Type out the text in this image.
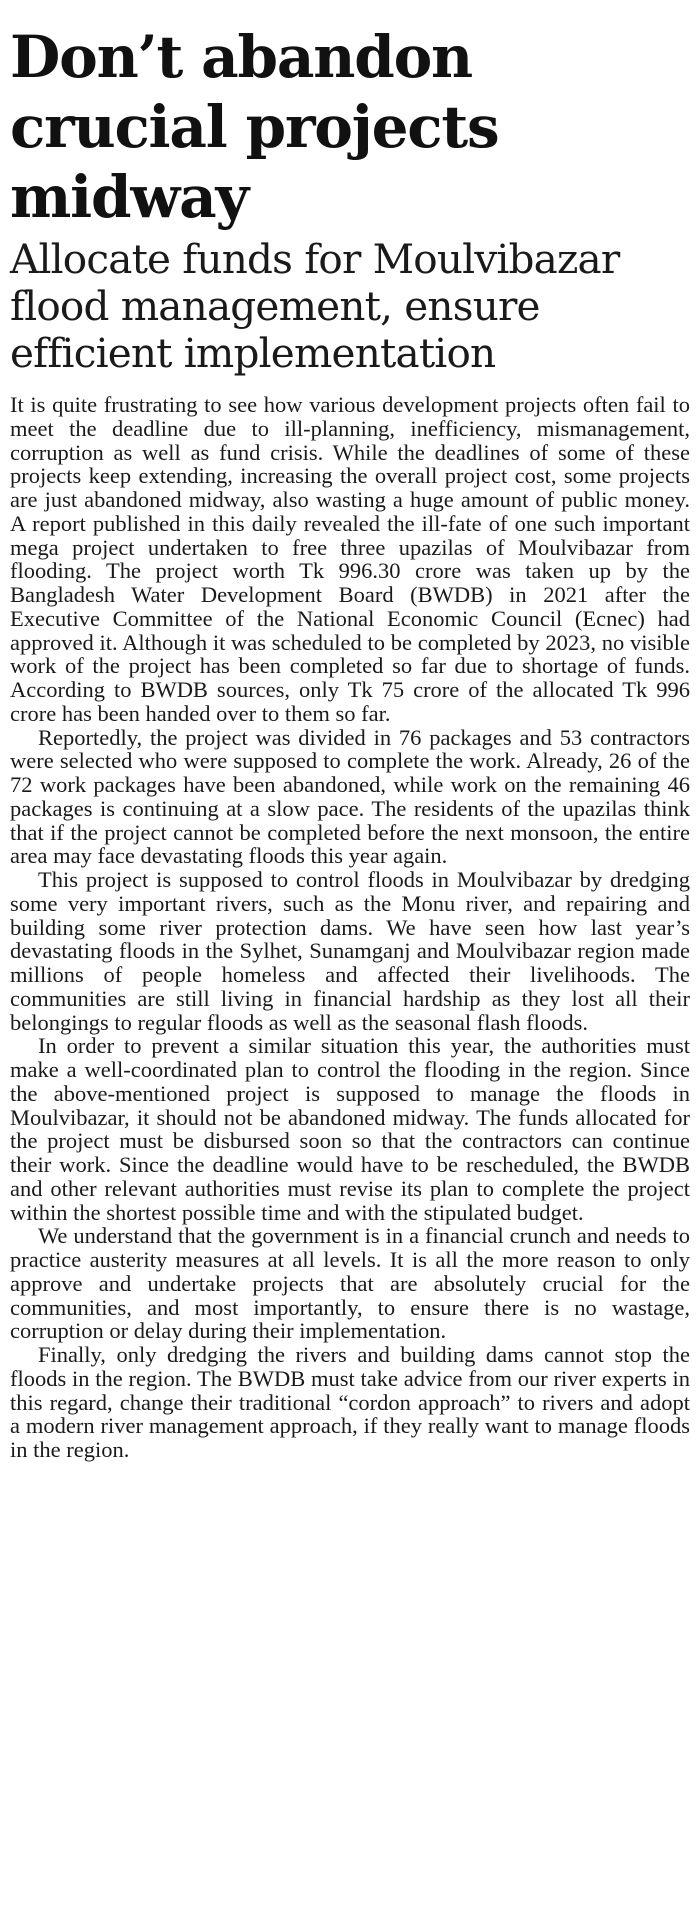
Don’t abandon crucial projects midway
Allocate funds for Moulvibazar flood management, ensure efficient implementation

It is quite frustrating to see how various development projects often fail to meet the deadline due to ill-planning, inefficiency, mismanagement, corruption as well as fund crisis. While the deadlines of some of these projects keep extending, increasing the overall project cost, some projects are just abandoned midway, also wasting a huge amount of public money. A report published in this daily revealed the ill-fate of one such important mega project undertaken to free three upazilas of Moulvibazar from flooding. The project worth Tk 996.30 crore was taken up by the Bangladesh Water Development Board (BWDB) in 2021 after the Executive Committee of the National Economic Council (Ecnec) had approved it. Although it was scheduled to be completed by 2023, no visible work of the project has been completed so far due to shortage of funds. According to BWDB sources, only Tk 75 crore of the allocated Tk 996 crore has been handed over to them so far.

Reportedly, the project was divided in 76 packages and 53 contractors were selected who were supposed to complete the work. Already, 26 of the 72 work packages have been abandoned, while work on the remaining 46 packages is continuing at a slow pace. The residents of the upazilas think that if the project cannot be completed before the next monsoon, the entire area may face devastating floods this year again.

This project is supposed to control floods in Moulvibazar by dredging some very important rivers, such as the Monu river, and repairing and building some river protection dams. We have seen how last year’s devastating floods in the Sylhet, Sunamganj and Moulvibazar region made millions of people homeless and affected their livelihoods. The communities are still living in financial hardship as they lost all their belongings to regular floods as well as the seasonal flash floods.

In order to prevent a similar situation this year, the authorities must make a well-coordinated plan to control the flooding in the region. Since the above-mentioned project is supposed to manage the floods in Moulvibazar, it should not be abandoned midway. The funds allocated for the project must be disbursed soon so that the contractors can continue their work. Since the deadline would have to be rescheduled, the BWDB and other relevant authorities must revise its plan to complete the project within the shortest possible time and with the stipulated budget.

We understand that the government is in a financial crunch and needs to practice austerity measures at all levels. It is all the more reason to only approve and undertake projects that are absolutely crucial for the communities, and most importantly, to ensure there is no wastage, corruption or delay during their implementation.

Finally, only dredging the rivers and building dams cannot stop the floods in the region. The BWDB must take advice from our river experts in this regard, change their traditional “cordon approach” to rivers and adopt a modern river management approach, if they really want to manage floods in the region.
